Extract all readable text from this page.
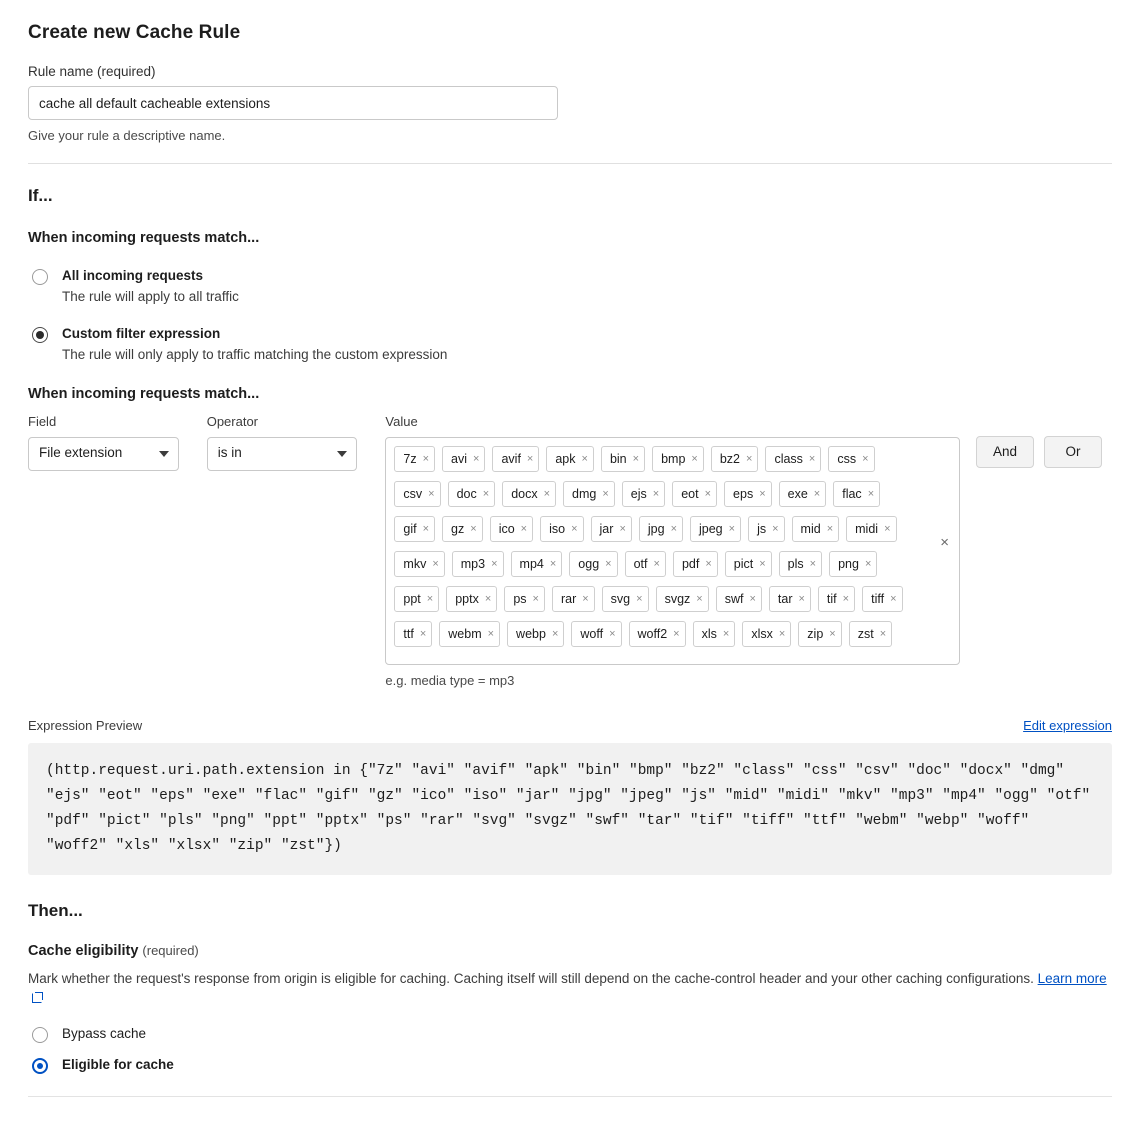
Create new Cache Rule
Rule name (required)
cache all default cacheable extensions
Give your rule a descriptive name.
If...
When incoming requests match...
All incoming requests
The rule will apply to all traffic
Custom filter expression
The rule will only apply to traffic matching the custom expression
When incoming requests match...
Field
File extension
Operator
is in
Value
7z × avi × avif × apk × bin × bmp × bz2 × class × css ×
csv × doc × docx × dmg × ejs × eot × eps × exe × flac ×
gif × gz × ico × iso × jar × jpg × jpeg × js × mid × midi ×
mkv × mp3 × mp4 × ogg × otf × pdf × pict × pls × png ×
ppt × pptx × ps × rar × svg × svgz × swf × tar × tif × tiff ×
ttf × webm × webp × woff × woff2 × xls × xlsx × zip × zst ×
×
e.g. media type = mp3
And	Or
Expression Preview	Edit expression
(http.request.uri.path.extension in {"7z" "avi" "avif" "apk" "bin" "bmp" "bz2" "class" "css" "csv" "doc" "docx" "dmg" "ejs" "eot" "eps" "exe" "flac" "gif" "gz" "ico" "iso" "jar" "jpg" "jpeg" "js" "mid" "midi" "mkv" "mp3" "mp4" "ogg" "otf" "pdf" "pict" "pls" "png" "ppt" "pptx" "ps" "rar" "svg" "svgz" "swf" "tar" "tif" "tiff" "ttf" "webm" "webp" "woff" "woff2" "xls" "xlsx" "zip" "zst"})
Then...
Cache eligibility (required)
Mark whether the request's response from origin is eligible for caching. Caching itself will still depend on the cache-control header and your other caching configurations. Learn more
Bypass cache
Eligible for cache
